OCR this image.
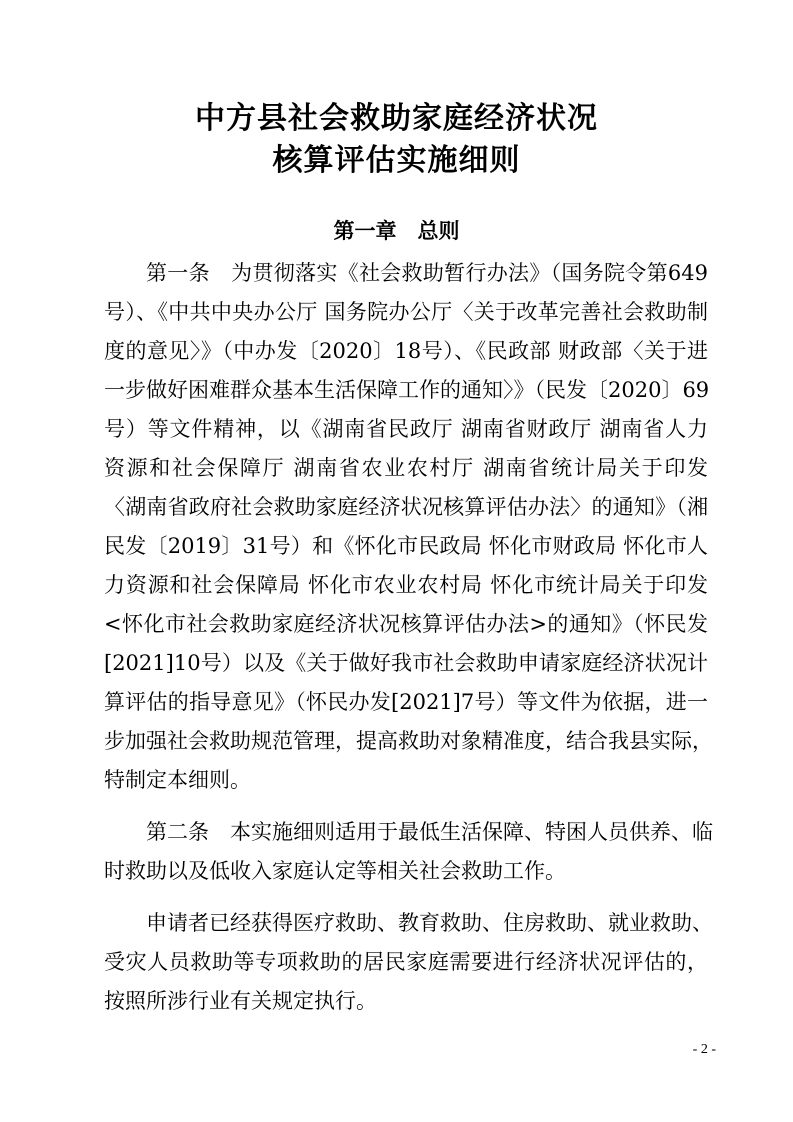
中方县社会救助家庭经济状况
核算评估实施细则
第一章　总则
第一条　为贯彻落实《社会救助暂行办法》（国务院令第649
号）、《中共中央办公厅 国务院办公厅〈关于改革完善社会救助制
度的意见〉》（中办发〔2020〕18号）、《民政部 财政部〈关于进
一步做好困难群众基本生活保障工作的通知〉》（民发〔2020〕69
号）等文件精神，以《湖南省民政厅 湖南省财政厅 湖南省人力
资源和社会保障厅 湖南省农业农村厅 湖南省统计局关于印发
〈湖南省政府社会救助家庭经济状况核算评估办法〉的通知》（湘
民发〔2019〕31号）和《怀化市民政局 怀化市财政局 怀化市人
力资源和社会保障局 怀化市农业农村局 怀化市统计局关于印发
<怀化市社会救助家庭经济状况核算评估办法>的通知》（怀民发
[2021]10号）以及《关于做好我市社会救助申请家庭经济状况计
算评估的指导意见》（怀民办发[2021]7号）等文件为依据，进一
步加强社会救助规范管理，提高救助对象精准度，结合我县实际，
特制定本细则。
第二条　本实施细则适用于最低生活保障、特困人员供养、临
时救助以及低收入家庭认定等相关社会救助工作。
申请者已经获得医疗救助、教育救助、住房救助、就业救助、
受灾人员救助等专项救助的居民家庭需要进行经济状况评估的，
按照所涉行业有关规定执行。
- 2 -
